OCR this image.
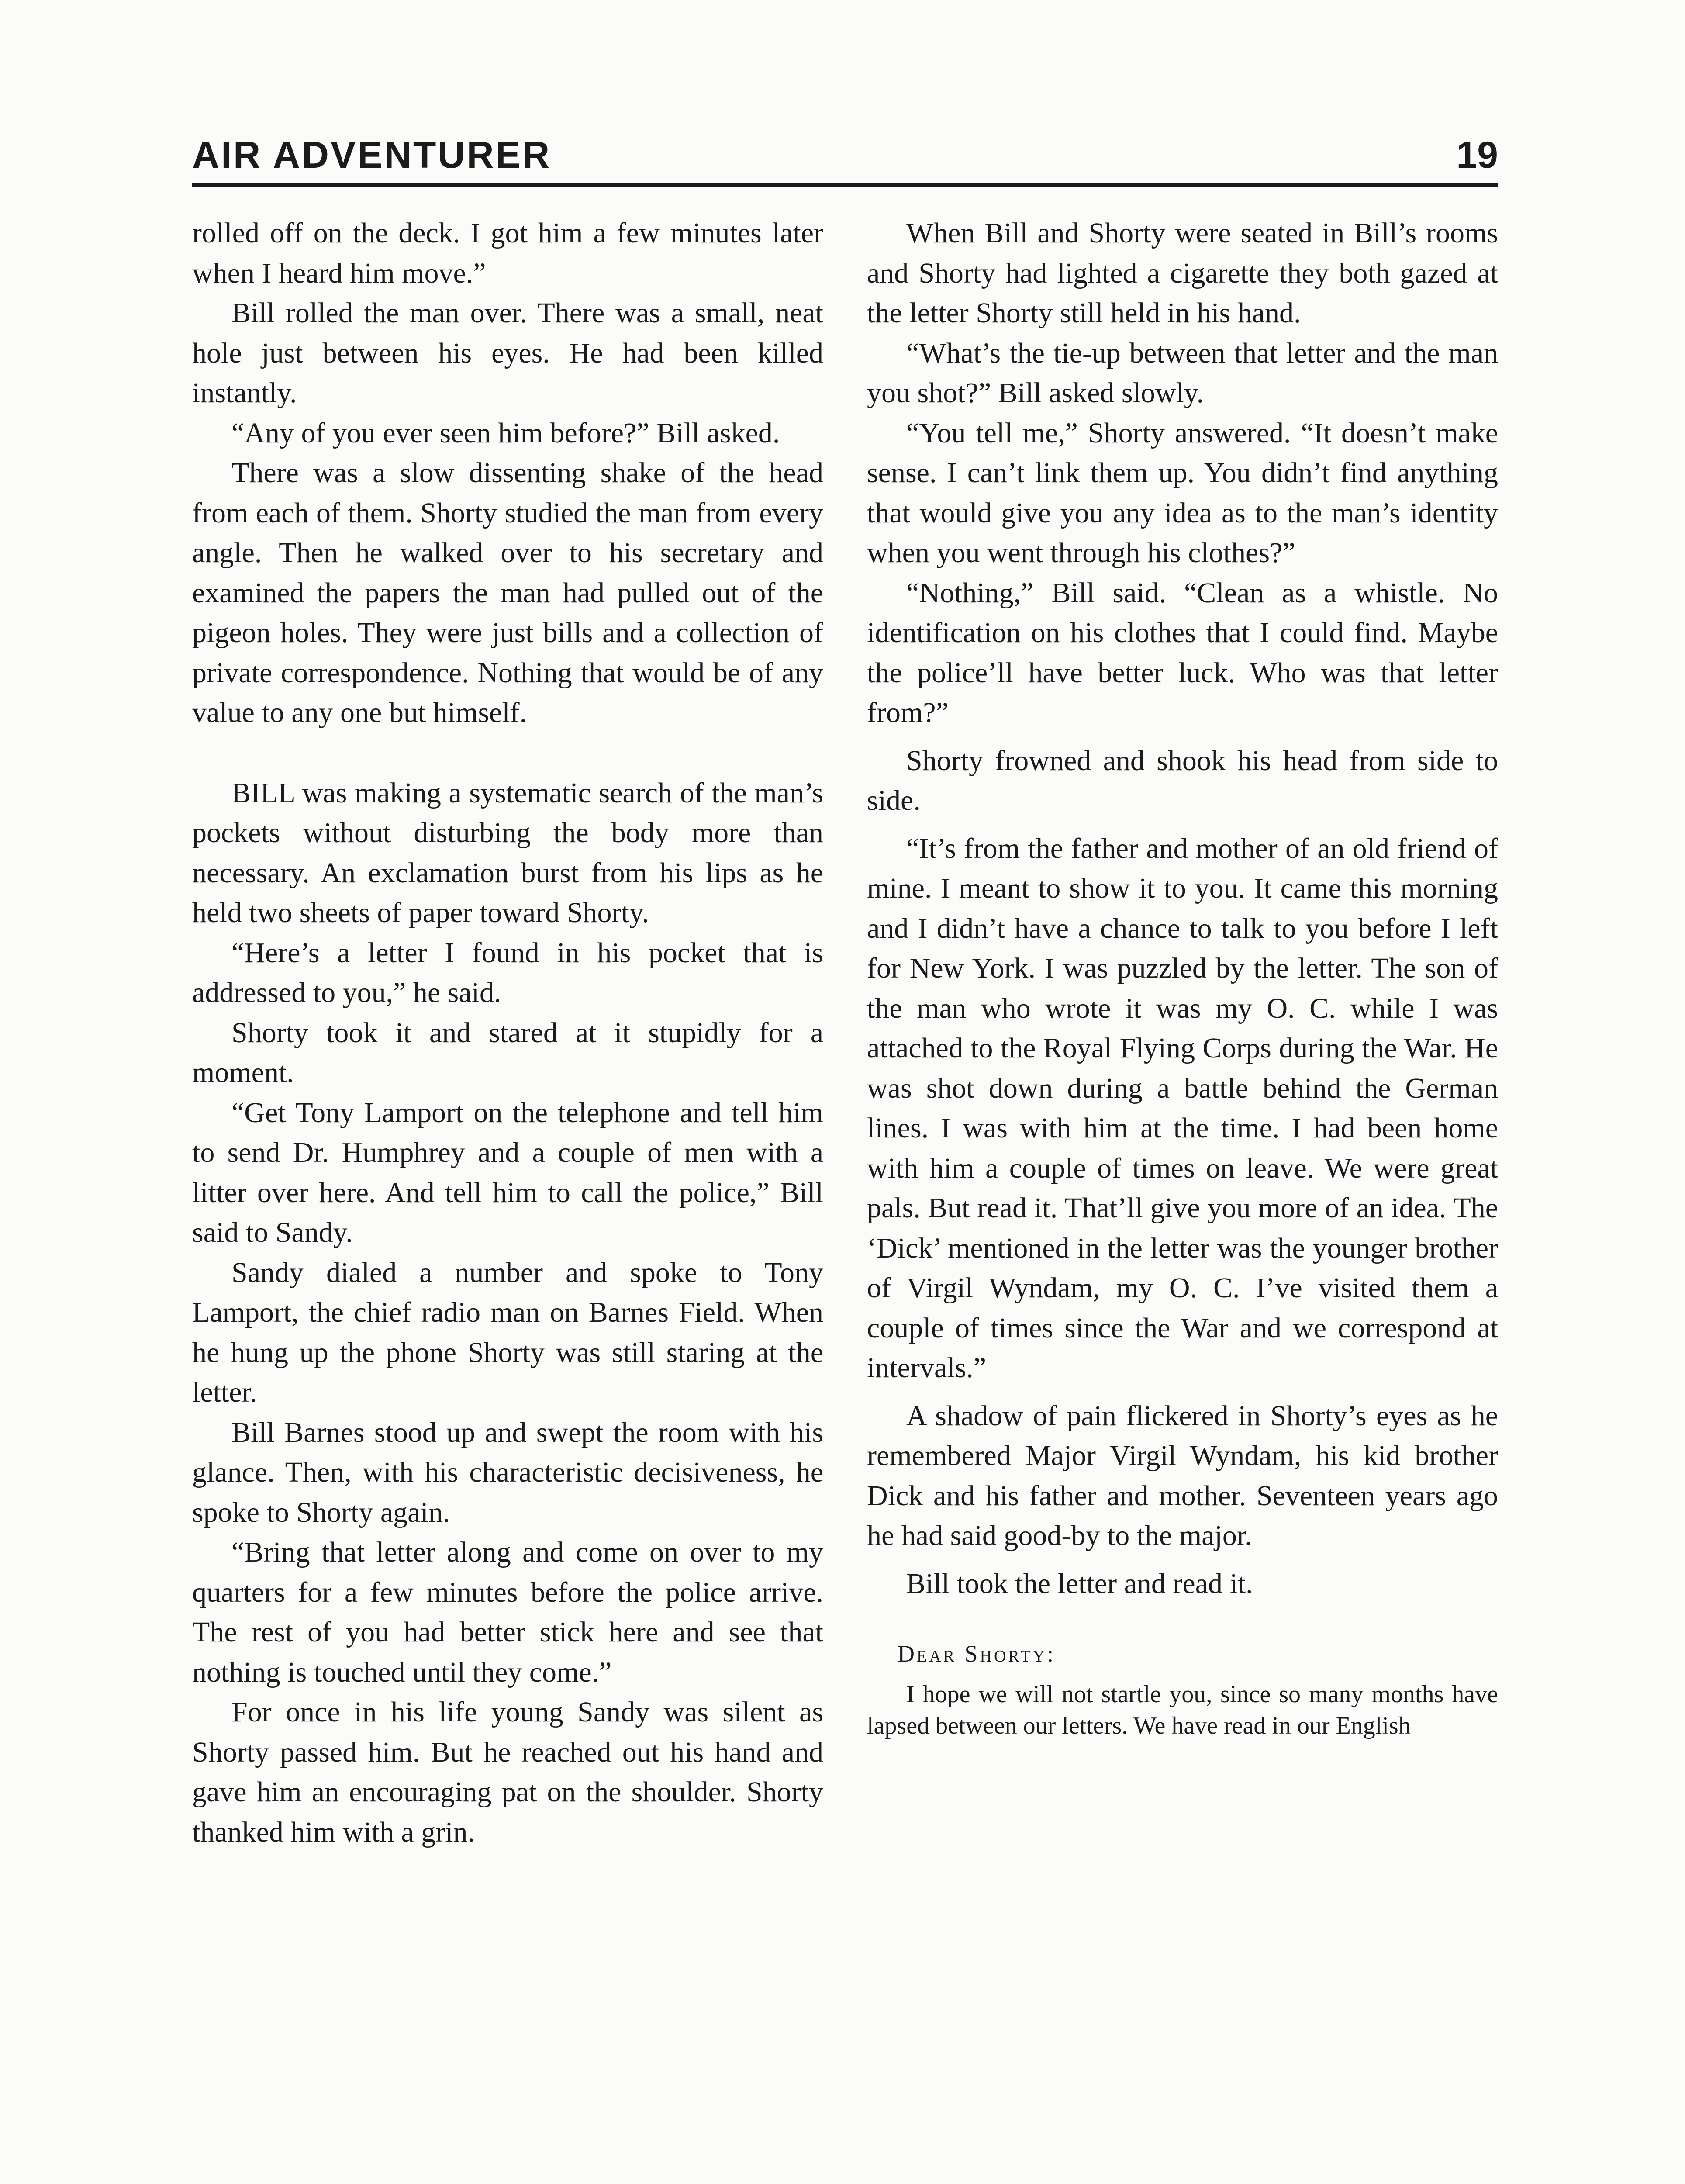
AIR ADVENTURER	19

rolled off on the deck. I got him a few minutes later when I heard him move.”

Bill rolled the man over. There was a small, neat hole just between his eyes. He had been killed instantly.

“Any of you ever seen him before?” Bill asked.

There was a slow dissenting shake of the head from each of them. Shorty studied the man from every angle. Then he walked over to his secretary and examined the papers the man had pulled out of the pigeon holes. They were just bills and a collection of private correspondence. Nothing that would be of any value to any one but himself.

BILL was making a systematic search of the man’s pockets without disturbing the body more than necessary. An exclamation burst from his lips as he held two sheets of paper toward Shorty.

“Here’s a letter I found in his pocket that is addressed to you,” he said.

Shorty took it and stared at it stupidly for a moment.

“Get Tony Lamport on the telephone and tell him to send Dr. Humphrey and a couple of men with a litter over here. And tell him to call the police,” Bill said to Sandy.

Sandy dialed a number and spoke to Tony Lamport, the chief radio man on Barnes Field. When he hung up the phone Shorty was still staring at the letter.

Bill Barnes stood up and swept the room with his glance. Then, with his characteristic decisiveness, he spoke to Shorty again.

“Bring that letter along and come on over to my quarters for a few minutes before the police arrive. The rest of you had better stick here and see that nothing is touched until they come.”

For once in his life young Sandy was silent as Shorty passed him. But he reached out his hand and gave him an encouraging pat on the shoulder. Shorty thanked him with a grin.

When Bill and Shorty were seated in Bill’s rooms and Shorty had lighted a cigarette they both gazed at the letter Shorty still held in his hand.

“What’s the tie-up between that letter and the man you shot?” Bill asked slowly.

“You tell me,” Shorty answered. “It doesn’t make sense. I can’t link them up. You didn’t find anything that would give you any idea as to the man’s identity when you went through his clothes?”

“Nothing,” Bill said. “Clean as a whistle. No identification on his clothes that I could find. Maybe the police’ll have better luck. Who was that letter from?”

Shorty frowned and shook his head from side to side.

“It’s from the father and mother of an old friend of mine. I meant to show it to you. It came this morning and I didn’t have a chance to talk to you before I left for New York. I was puzzled by the letter. The son of the man who wrote it was my O. C. while I was attached to the Royal Flying Corps during the War. He was shot down during a battle behind the German lines. I was with him at the time. I had been home with him a couple of times on leave. We were great pals. But read it. That’ll give you more of an idea. The ‘Dick’ mentioned in the letter was the younger brother of Virgil Wyndam, my O. C. I’ve visited them a couple of times since the War and we correspond at intervals.”

A shadow of pain flickered in Shorty’s eyes as he remembered Major Virgil Wyndam, his kid brother Dick and his father and mother. Seventeen years ago he had said good-by to the major.

Bill took the letter and read it.

Dear Shorty:

I hope we will not startle you, since so many months have lapsed between our letters. We have read in our English
